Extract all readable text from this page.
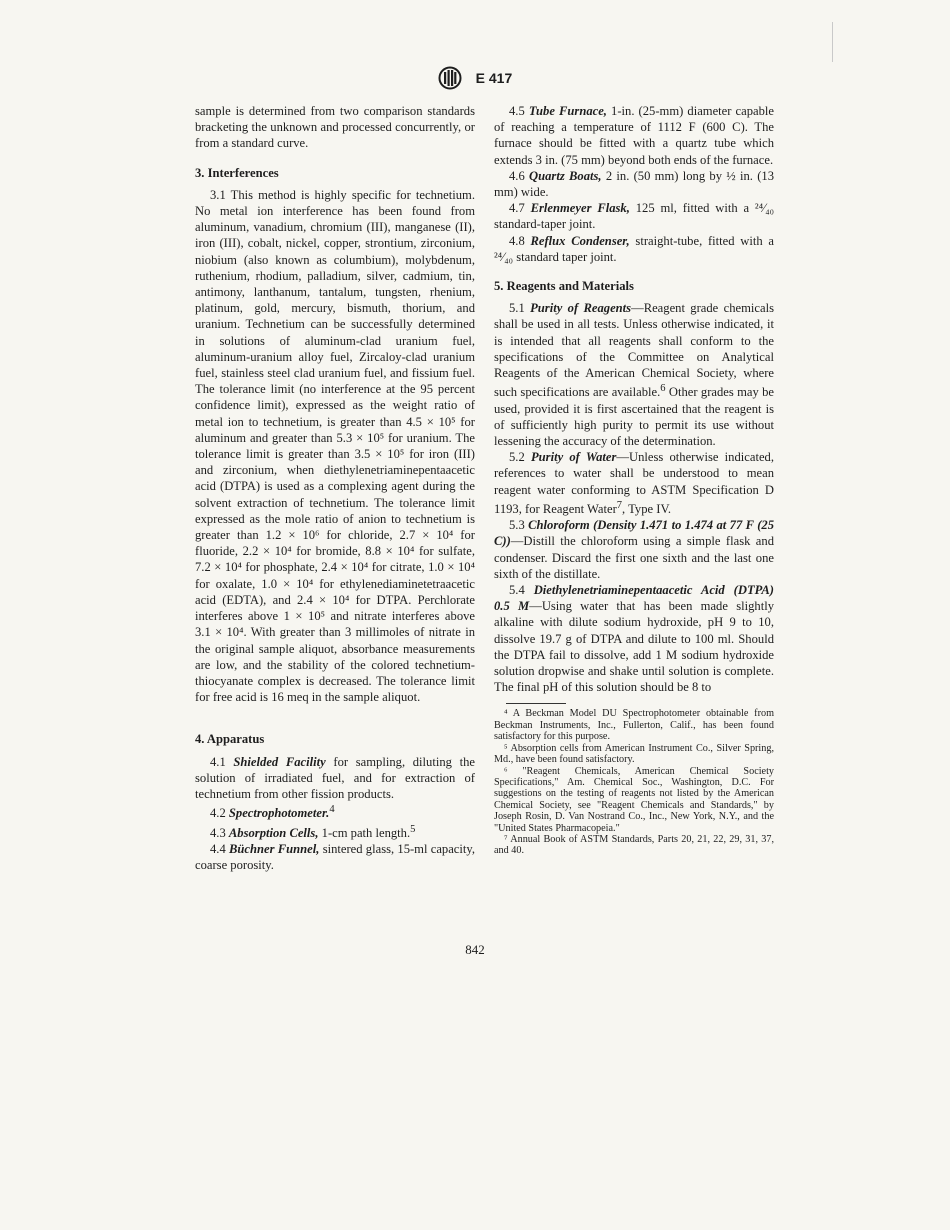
E 417

sample is determined from two comparison standards bracketing the unknown and processed concurrently, or from a standard curve.

3. Interferences

3.1 This method is highly specific for technetium. No metal ion interference has been found from aluminum, vanadium, chromium (III), manganese (II), iron (III), cobalt, nickel, copper, strontium, zirconium, niobium (also known as columbium), molybdenum, ruthenium, rhodium, palladium, silver, cadmium, tin, antimony, lanthanum, tantalum, tungsten, rhenium, platinum, gold, mercury, bismuth, thorium, and uranium. Technetium can be successfully determined in solutions of aluminum-clad uranium fuel, aluminum-uranium alloy fuel, Zircaloy-clad uranium fuel, stainless steel clad uranium fuel, and fissium fuel. The tolerance limit (no interference at the 95 percent confidence limit), expressed as the weight ratio of metal ion to technetium, is greater than 4.5 × 10⁵ for aluminum and greater than 5.3 × 10⁵ for uranium. The tolerance limit is greater than 3.5 × 10⁵ for iron (III) and zirconium, when diethylenetriaminepentaacetic acid (DTPA) is used as a complexing agent during the solvent extraction of technetium. The tolerance limit expressed as the mole ratio of anion to technetium is greater than 1.2 × 10⁶ for chloride, 2.7 × 10⁴ for fluoride, 2.2 × 10⁴ for bromide, 8.8 × 10⁴ for sulfate, 7.2 × 10⁴ for phosphate, 2.4 × 10⁴ for citrate, 1.0 × 10⁴ for oxalate, 1.0 × 10⁴ for ethylenediaminetetraacetic acid (EDTA), and 2.4 × 10⁴ for DTPA. Perchlorate interferes above 1 × 10⁵ and nitrate interferes above 3.1 × 10⁴. With greater than 3 millimoles of nitrate in the original sample aliquot, absorbance measurements are low, and the stability of the colored technetium-thiocyanate complex is decreased. The tolerance limit for free acid is 16 meq in the sample aliquot.

4. Apparatus

4.1 Shielded Facility for sampling, diluting the solution of irradiated fuel, and for extraction of technetium from other fission products.

4.2 Spectrophotometer.$^4$

4.3 Absorption Cells, 1-cm path length.$^5$

4.4 Büchner Funnel, sintered glass, 15-ml capacity, coarse porosity.

4.5 Tube Furnace, 1-in. (25-mm) diameter capable of reaching a temperature of 1112 F (600 C). The furnace should be fitted with a quartz tube which extends 3 in. (75 mm) beyond both ends of the furnace.

4.6 Quartz Boats, 2 in. (50 mm) long by ½ in. (13 mm) wide.

4.7 Erlenmeyer Flask, 125 ml, fitted with a ²⁴⁄₄₀ standard-taper joint.

4.8 Reflux Condenser, straight-tube, fitted with a ²⁴⁄₄₀ standard taper joint.

5. Reagents and Materials

5.1 Purity of Reagents—Reagent grade chemicals shall be used in all tests. Unless otherwise indicated, it is intended that all reagents shall conform to the specifications of the Committee on Analytical Reagents of the American Chemical Society, where such specifications are available.$^6$ Other grades may be used, provided it is first ascertained that the reagent is of sufficiently high purity to permit its use without lessening the accuracy of the determination.

5.2 Purity of Water—Unless otherwise indicated, references to water shall be understood to mean reagent water conforming to ASTM Specification D 1193, for Reagent Water$^7$, Type IV.

5.3 Chloroform (Density 1.471 to 1.474 at 77 F (25 C))—Distill the chloroform using a simple flask and condenser. Discard the first one sixth and the last one sixth of the distillate.

5.4 Diethylenetriaminepentaacetic Acid (DTPA) 0.5 M—Using water that has been made slightly alkaline with dilute sodium hydroxide, pH 9 to 10, dissolve 19.7 g of DTPA and dilute to 100 ml. Should the DTPA fail to dissolve, add 1 M sodium hydroxide solution dropwise and shake until solution is complete. The final pH of this solution should be 8 to

⁴ A Beckman Model DU Spectrophotometer obtainable from Beckman Instruments, Inc., Fullerton, Calif., has been found satisfactory for this purpose.

⁵ Absorption cells from American Instrument Co., Silver Spring, Md., have been found satisfactory.

⁶ "Reagent Chemicals, American Chemical Society Specifications," Am. Chemical Soc., Washington, D.C. For suggestions on the testing of reagents not listed by the American Chemical Society, see "Reagent Chemicals and Standards," by Joseph Rosin, D. Van Nostrand Co., Inc., New York, N.Y., and the "United States Pharmacopeia."

⁷ Annual Book of ASTM Standards, Parts 20, 21, 22, 29, 31, 37, and 40.

842
